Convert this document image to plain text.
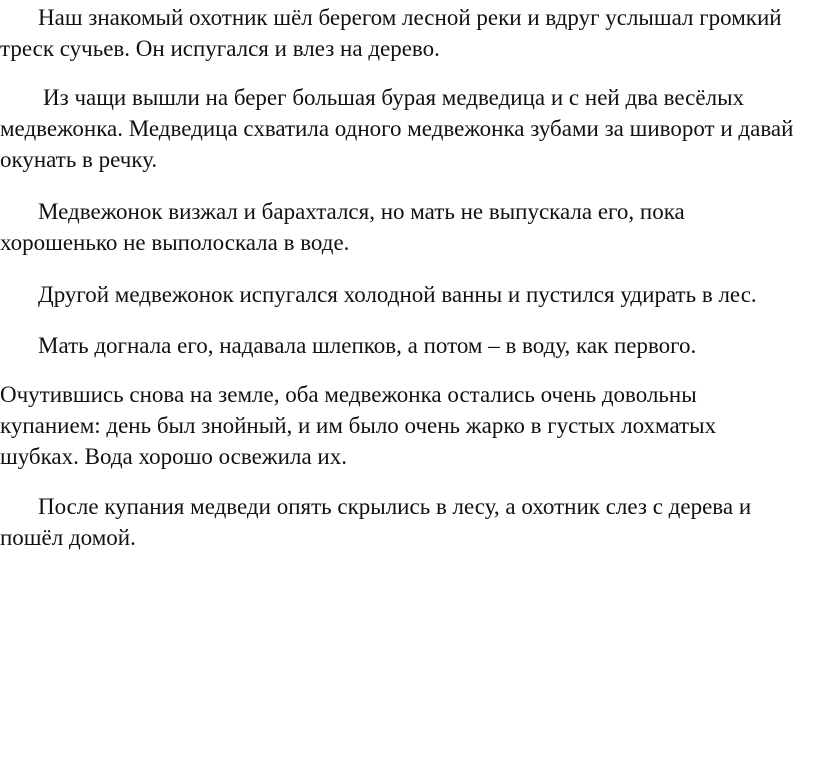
Наш знакомый охотник шёл берегом лесной реки и вдруг услышал громкий треск сучьев. Он испугался и влез на дерево.

Из чащи вышли на берег большая бурая медведица и с ней два весёлых медвежонка. Медведица схватила одного медвежонка зубами за шиворот и давай окунать в речку.

Медвежонок визжал и барахтался, но мать не выпускала его, пока хорошенько не выполоскала в воде.

Другой медвежонок испугался холодной ванны и пустился удирать в лес.

Мать догнала его, надавала шлепков, а потом – в воду, как первого.

Очутившись снова на земле, оба медвежонка остались очень довольны купанием: день был знойный, и им было очень жарко в густых лохматых шубках. Вода хорошо освежила их.

После купания медведи опять скрылись в лесу, а охотник слез с дерева и пошёл домой.
